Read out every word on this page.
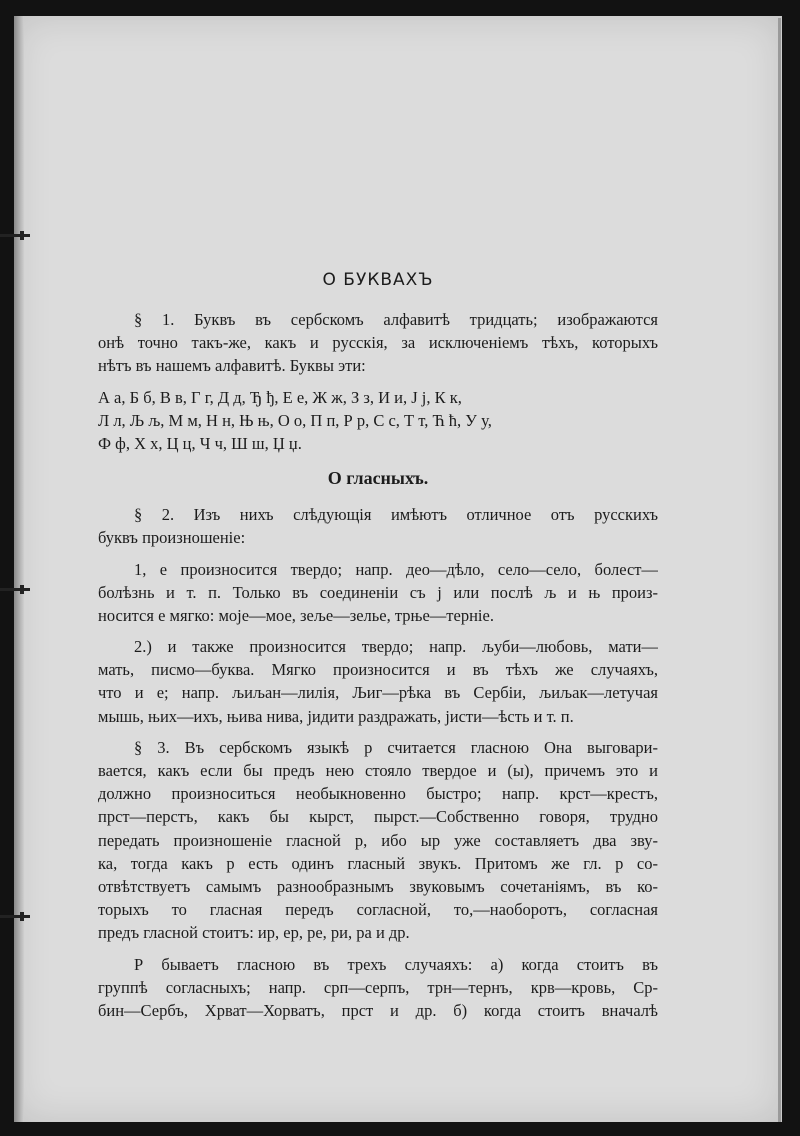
О БУКВАХЪ
§ 1. Буквъ въ сербскомъ алфавитѣ тридцать; изображаются
онѣ точно такъ-же, какъ и русскія, за исключеніемъ тѣхъ, которыхъ
нѣтъ въ нашемъ алфавитѣ. Буквы эти:
А а, Б б, В в, Г г, Д д, Ђ ђ, Е е, Ж ж, З з, И и, Ј ј, К к,
Л л, Љ љ, М м, Н н, Њ њ, О о, П п, Р р, С с, Т т, Ћ ћ, У у,
Ф ф, Х х, Ц ц, Ч ч, Ш ш, Џ џ.
О гласныхъ.
§ 2. Изъ нихъ слѣдующія имѣютъ отличное отъ русскихъ
буквъ произношеніе:
1, е произносится твердо; напр. део—дѣло, село—село, болест—
болѣзнь и т. п. Только въ соединеніи съ ј или послѣ љ и њ произ-
носится е мягко: моје—мое, зеље—зелье, трње—терніе.
2.) и также произносится твердо; напр. љуби—любовь, мати—
мать, писмо—буква. Мягко произносится и въ тѣхъ же случаяхъ,
что и е; напр. љиљан—лилія, Љиг—рѣка въ Сербіи, љиљак—летучая
мышь, њих—ихъ, њива нива, јидити раздражать, јисти—ѣсть и т. п.
§ 3. Въ сербскомъ языкѣ р считается гласною Она выговари-
вается, какъ если бы предъ нею стояло твердое и (ы), причемъ это и
должно произноситься необыкновенно быстро; напр. крст—крестъ,
прст—перстъ, какъ бы кырст, пырст.—Собственно говоря, трудно
передать произношеніе гласной р, ибо ыр уже составляетъ два зву-
ка, тогда какъ р есть одинъ гласный звукъ. Притомъ же гл. р со-
отвѣтствуетъ самымъ разнообразнымъ звуковымъ сочетаніямъ, въ ко-
торыхъ то гласная передъ согласной, то,—наоборотъ, согласная
предъ гласной стоитъ: ир, ер, ре, ри, ра и др.
Р бываетъ гласною въ трехъ случаяхъ: а) когда стоитъ въ
группѣ согласныхъ; напр. срп—серпъ, трн—тернъ, крв—кровь, Ср-
бин—Сербъ, Хрват—Хорватъ, прст и др. б) когда стоитъ вначалѣ
